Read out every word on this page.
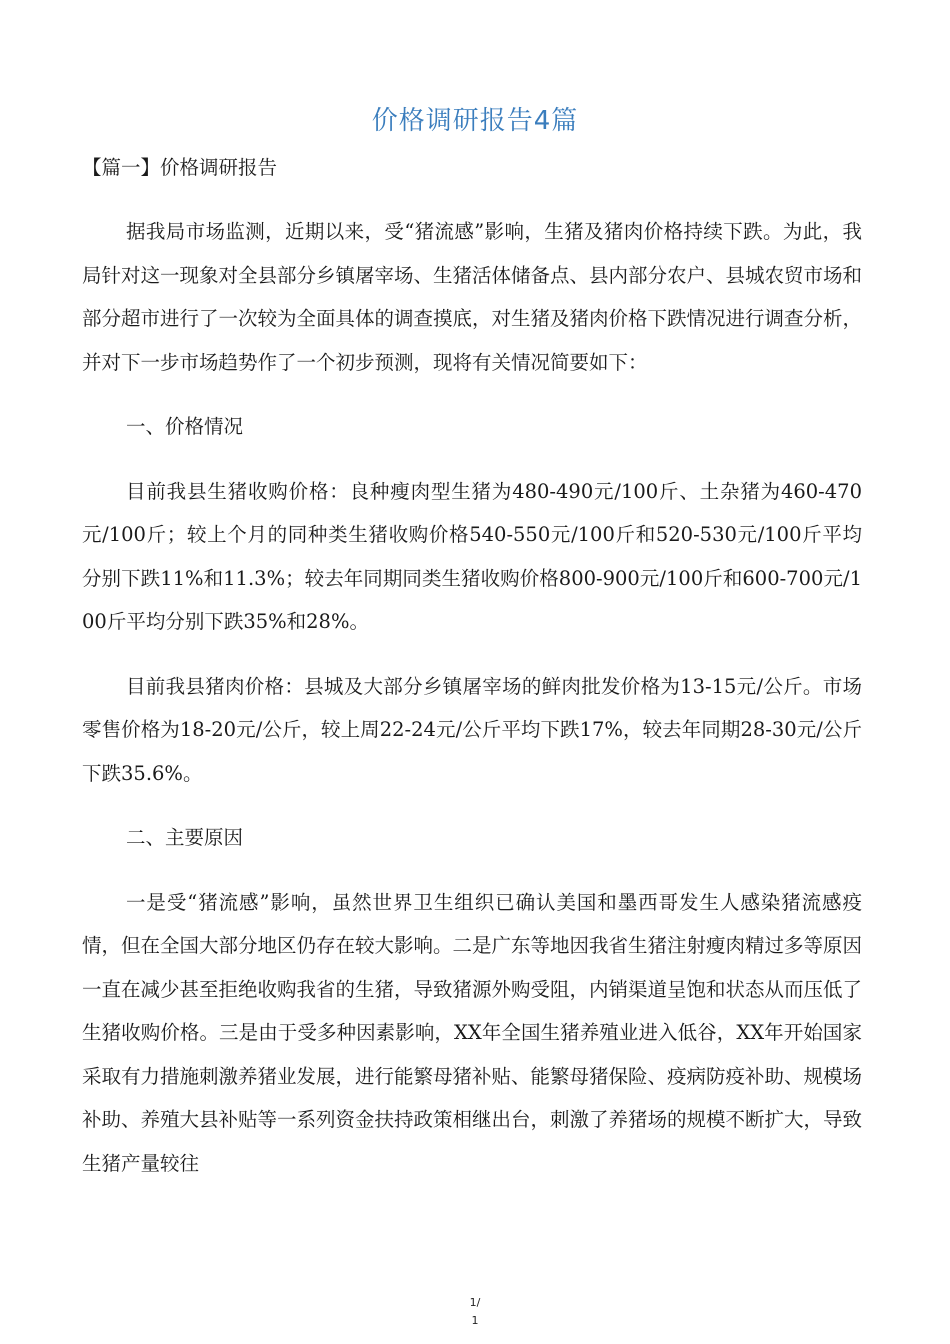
价格调研报告4篇
【篇一】价格调研报告

据我局市场监测，近期以来，受“猪流感”影响，生猪及猪肉价格持续下跌。为此，我局针对这一现象对全县部分乡镇屠宰场、生猪活体储备点、县内部分农户、县城农贸市场和部分超市进行了一次较为全面具体的调查摸底，对生猪及猪肉价格下跌情况进行调查分析，并对下一步市场趋势作了一个初步预测，现将有关情况简要如下：

一、价格情况

目前我县生猪收购价格：良种瘦肉型生猪为480-490元/100斤、土杂猪为460-470元/100斤；较上个月的同种类生猪收购价格540-550元/100斤和520-530元/100斤平均分别下跌11%和11.3%；较去年同期同类生猪收购价格800-900元/100斤和600-700元/100斤平均分别下跌35%和28%。

目前我县猪肉价格：县城及大部分乡镇屠宰场的鲜肉批发价格为13-15元/公斤。市场零售价格为18-20元/公斤，较上周22-24元/公斤平均下跌17%，较去年同期28-30元/公斤下跌35.6%。

二、主要原因

一是受“猪流感”影响，虽然世界卫生组织已确认美国和墨西哥发生人感染猪流感疫情，但在全国大部分地区仍存在较大影响。二是广东等地因我省生猪注射瘦肉精过多等原因一直在减少甚至拒绝收购我省的生猪，导致猪源外购受阻，内销渠道呈饱和状态从而压低了生猪收购价格。三是由于受多种因素影响，XX年全国生猪养殖业进入低谷，XX年开始国家采取有力措施刺激养猪业发展，进行能繁母猪补贴、能繁母猪保险、疫病防疫补助、规模场补助、养殖大县补贴等一系列资金扶持政策相继出台，刺激了养猪场的规模不断扩大，导致生猪产量较往

1/
1
